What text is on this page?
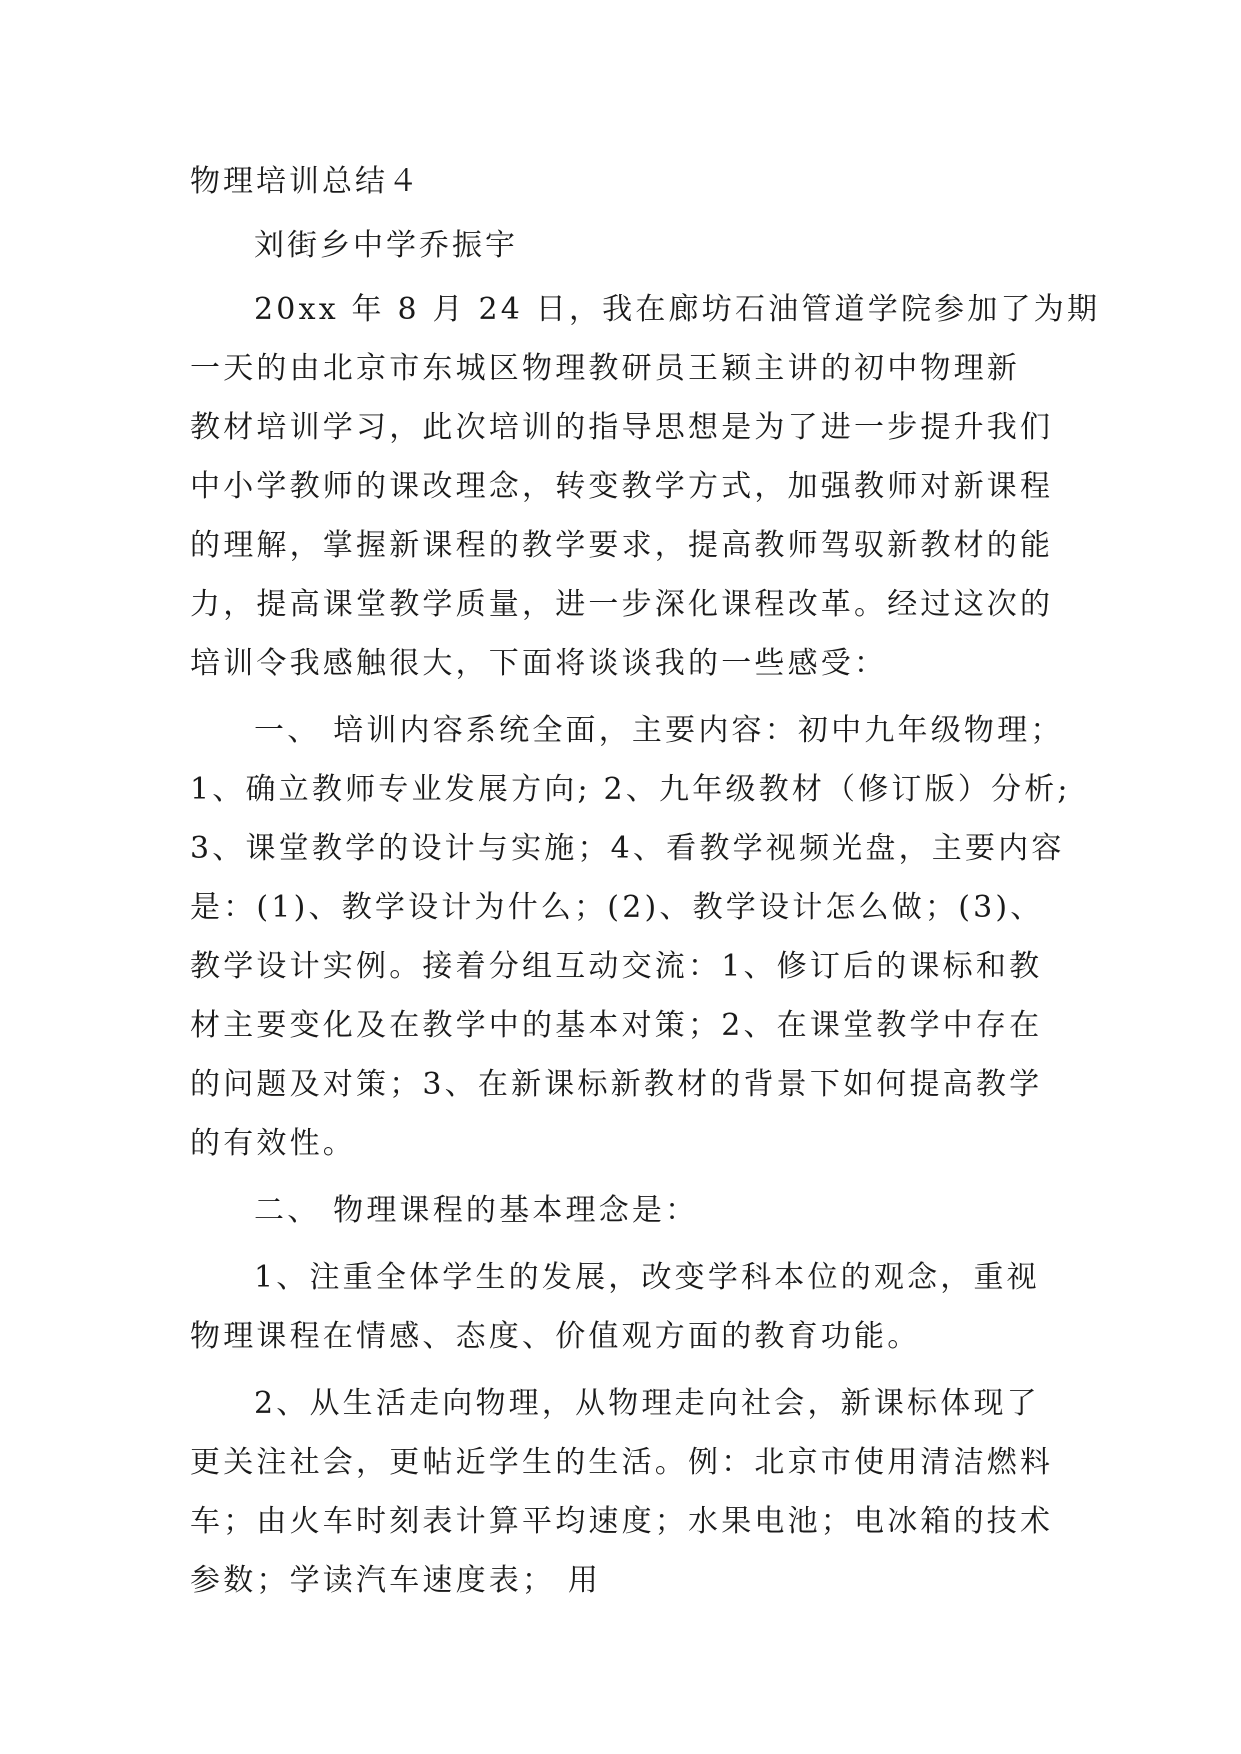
物理培训总结４
刘街乡中学乔振宇
20xx 年 8 月 24 日，我在廊坊石油管道学院参加了为期
一天的由北京市东城区物理教研员王颖主讲的初中物理新
教材培训学习，此次培训的指导思想是为了进一步提升我们
中小学教师的课改理念，转变教学方式，加强教师对新课程
的理解，掌握新课程的教学要求，提高教师驾驭新教材的能
力，提高课堂教学质量，进一步深化课程改革。经过这次的
培训令我感触很大，下面将谈谈我的一些感受：
一、 培训内容系统全面，主要内容：初中九年级物理；
1、确立教师专业发展方向; 2、九年级教材（修订版）分析;
3、课堂教学的设计与实施；4、看教学视频光盘，主要内容
是：(1)、教学设计为什么；(2)、教学设计怎么做；(3)、
教学设计实例。接着分组互动交流：1、修订后的课标和教
材主要变化及在教学中的基本对策；2、在课堂教学中存在
的问题及对策；3、在新课标新教材的背景下如何提高教学
的有效性。
二、 物理课程的基本理念是：
1、注重全体学生的发展，改变学科本位的观念，重视
物理课程在情感、态度、价值观方面的教育功能。
2、从生活走向物理，从物理走向社会，新课标体现了
更关注社会，更帖近学生的生活。例：北京市使用清洁燃料
车；由火车时刻表计算平均速度；水果电池；电冰箱的技术
参数；学读汽车速度表； 用
